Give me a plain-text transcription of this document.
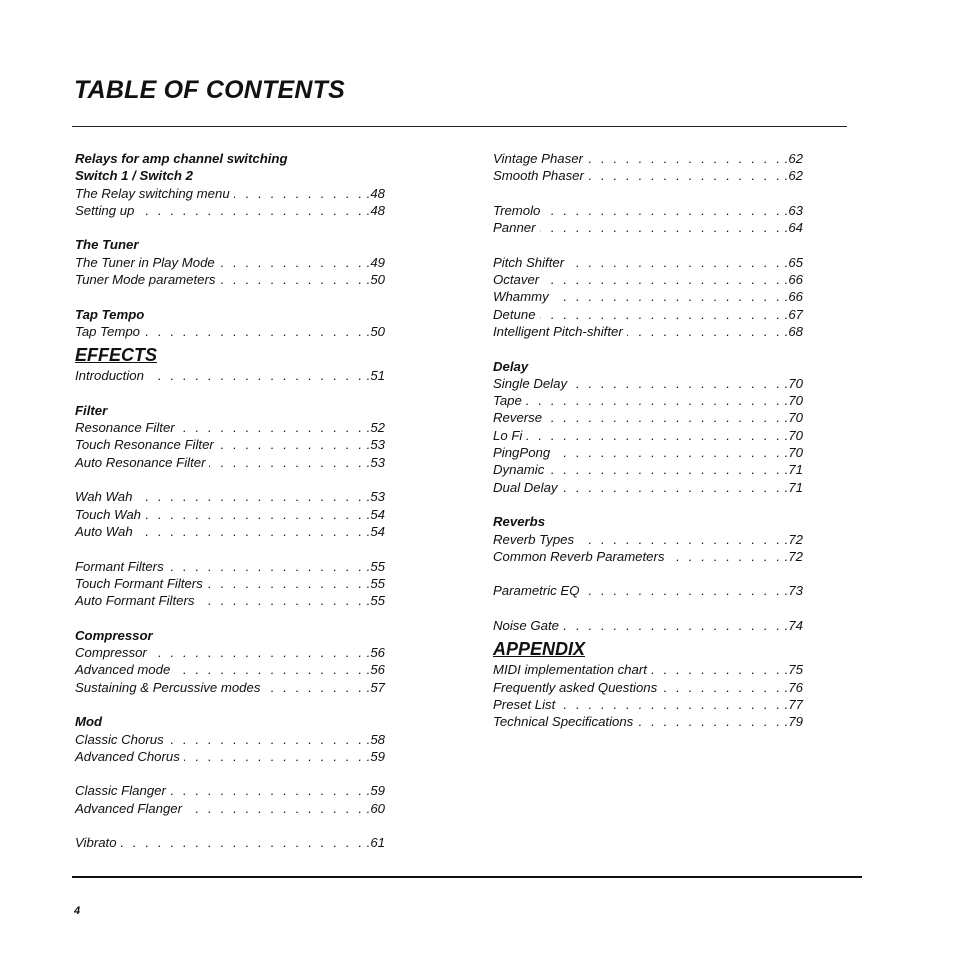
TABLE OF CONTENTS
Relays for amp channel switching
Switch 1 / Switch 2
The Relay switching menu . . .	.48
Setting up . . .	.48
The Tuner
The Tuner in Play Mode . . .	.49
Tuner Mode parameters . . .	.50
Tap Tempo
Tap Tempo . . .	.50
EFFECTS
Introduction . . .	.51
Filter
Resonance Filter . . .	.52
Touch Resonance Filter . . .	.53
Auto Resonance Filter . . .	.53
Wah Wah . . .	.53
Touch Wah . . .	.54
Auto Wah . . .	.54
Formant Filters . . .	.55
Touch Formant Filters . . .	.55
Auto Formant Filters . . .	.55
Compressor
Compressor . . .	.56
Advanced mode . . .	.56
Sustaining & Percussive modes . . .	.57
Mod
Classic Chorus . . .	.58
Advanced Chorus . . .	.59
Classic Flanger . . .	.59
Advanced Flanger . . .	.60
Vibrato . . .	.61
Vintage Phaser . . .	.62
Smooth Phaser . . .	.62
Tremolo . . .	.63
Panner . . .	.64
Pitch Shifter . . .	.65
Octaver . . .	.66
Whammy . . .	.66
Detune . . .	.67
Intelligent Pitch-shifter . . .	.68
Delay
Single Delay . . .	.70
Tape . . .	.70
Reverse . . .	.70
Lo Fi . . .	.70
PingPong . . .	.70
Dynamic . . .	.71
Dual Delay . . .	.71
Reverbs
Reverb Types . . .	.72
Common Reverb Parameters . . .	.72
Parametric EQ . . .	.73
Noise Gate . . .	.74
APPENDIX
MIDI implementation chart . . .	.75
Frequently asked Questions . . .	.76
Preset List . . .	.77
Technical Specifications . . .	.79
4
